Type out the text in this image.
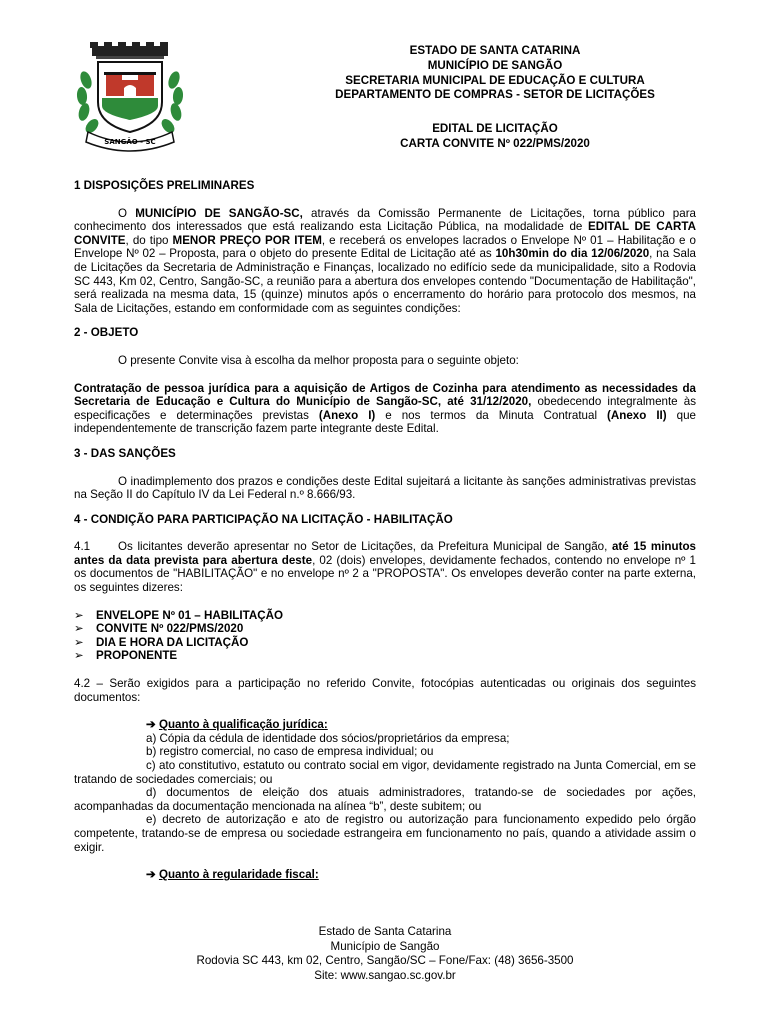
SANGÃO - SC
ESTADO DE SANTA CATARINA
MUNICÍPIO DE SANGÃO
SECRETARIA MUNICIPAL DE EDUCAÇÃO E CULTURA
DEPARTAMENTO DE COMPRAS - SETOR DE LICITAÇÕES
EDITAL DE LICITAÇÃO
CARTA CONVITE Nº 022/PMS/2020

1 DISPOSIÇÕES PRELIMINARES

O MUNICÍPIO DE SANGÃO-SC, através da Comissão Permanente de Licitações, torna público para conhecimento dos interessados que está realizando esta Licitação Pública, na modalidade de EDITAL DE CARTA CONVITE, do tipo MENOR PREÇO POR ITEM, e receberá os envelopes lacrados o Envelope Nº 01 – Habilitação e o Envelope Nº 02 – Proposta, para o objeto do presente Edital de Licitação até as 10h30min do dia 12/06/2020, na Sala de Licitações da Secretaria de Administração e Finanças, localizado no edifício sede da municipalidade, sito a Rodovia SC 443, Km 02, Centro, Sangão-SC, a reunião para a abertura dos envelopes contendo "Documentação de Habilitação", será realizada na mesma data, 15 (quinze) minutos após o encerramento do horário para protocolo dos mesmos, na Sala de Licitações, estando em conformidade com as seguintes condições:

2 - OBJETO

O presente Convite visa à escolha da melhor proposta para o seguinte objeto:

Contratação de pessoa jurídica para a aquisição de Artigos de Cozinha para atendimento as necessidades da Secretaria de Educação e Cultura do Município de Sangão-SC, até 31/12/2020, obedecendo integralmente às especificações e determinações previstas (Anexo I) e nos termos da Minuta Contratual (Anexo II) que independentemente de transcrição fazem parte integrante deste Edital.

3 - DAS SANÇÕES

O inadimplemento dos prazos e condições deste Edital sujeitará a licitante às sanções administrativas previstas na Seção II do Capítulo IV da Lei Federal n.º 8.666/93.

4 - CONDIÇÃO PARA PARTICIPAÇÃO NA LICITAÇÃO - HABILITAÇÃO

4.1 Os licitantes deverão apresentar no Setor de Licitações, da Prefeitura Municipal de Sangão, até 15 minutos antes da data prevista para abertura deste, 02 (dois) envelopes, devidamente fechados, contendo no envelope nº 1 os documentos de "HABILITAÇÃO" e no envelope nº 2 a "PROPOSTA". Os envelopes deverão conter na parte externa, os seguintes dizeres:

➢ ENVELOPE Nº 01 – HABILITAÇÃO
➢ CONVITE Nº 022/PMS/2020
➢ DIA E HORA DA LICITAÇÃO
➢ PROPONENTE

4.2 – Serão exigidos para a participação no referido Convite, fotocópias autenticadas ou originais dos seguintes documentos:

➔ Quanto à qualificação jurídica:

a) Cópia da cédula de identidade dos sócios/proprietários da empresa;

b) registro comercial, no caso de empresa individual; ou

c) ato constitutivo, estatuto ou contrato social em vigor, devidamente registrado na Junta Comercial, em se tratando de sociedades comerciais; ou

d) documentos de eleição dos atuais administradores, tratando-se de sociedades por ações, acompanhadas da documentação mencionada na alínea “b”, deste subitem; ou

e) decreto de autorização e ato de registro ou autorização para funcionamento expedido pelo órgão competente, tratando-se de empresa ou sociedade estrangeira em funcionamento no país, quando a atividade assim o exigir.

➔ Quanto à regularidade fiscal:

Estado de Santa Catarina
Município de Sangão
Rodovia SC 443, km 02, Centro, Sangão/SC – Fone/Fax: (48) 3656-3500
Site: www.sangao.sc.gov.br
